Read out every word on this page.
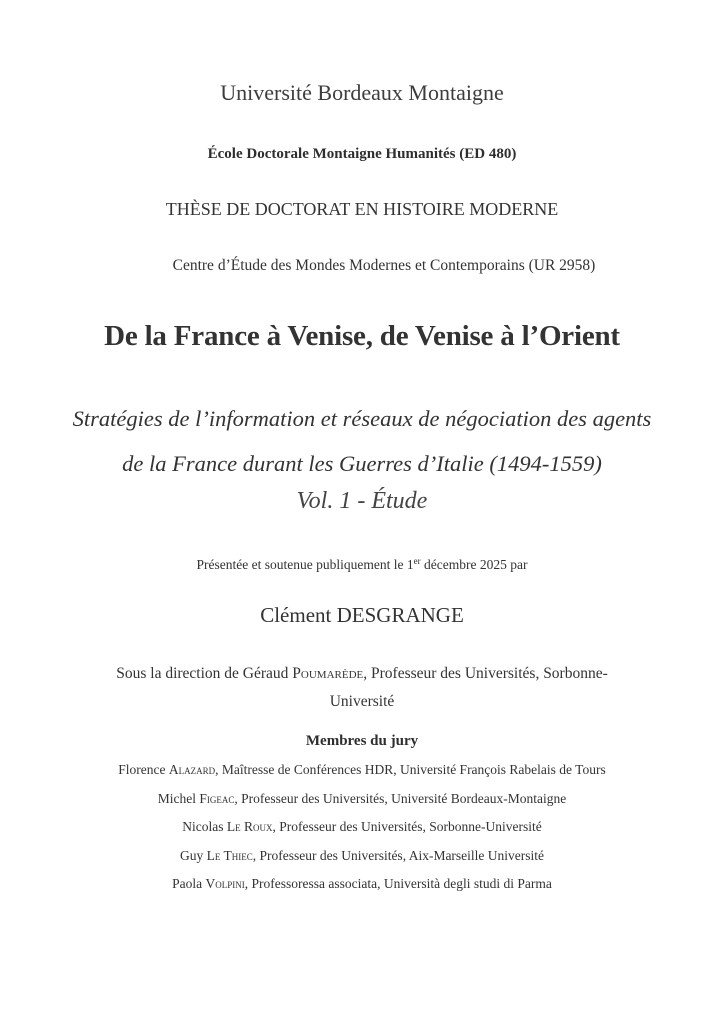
Université Bordeaux Montaigne
École Doctorale Montaigne Humanités (ED 480)
THÈSE DE DOCTORAT EN HISTOIRE MODERNE
Centre d’Étude des Mondes Modernes et Contemporains (UR 2958)
De la France à Venise, de Venise à l’Orient
Stratégies de l’information et réseaux de négociation des agents
de la France durant les Guerres d’Italie (1494-1559)
Vol. 1 - Étude
Présentée et soutenue publiquement le 1er décembre 2025 par
Clément DESGRANGE
Sous la direction de Géraud Poumarède, Professeur des Universités, Sorbonne-Université
Membres du jury
Florence Alazard, Maîtresse de Conférences HDR, Université François Rabelais de Tours
Michel Figeac, Professeur des Universités, Université Bordeaux-Montaigne
Nicolas Le Roux, Professeur des Universités, Sorbonne-Université
Guy Le Thiec, Professeur des Universités, Aix-Marseille Université
Paola Volpini, Professoressa associata, Università degli studi di Parma
